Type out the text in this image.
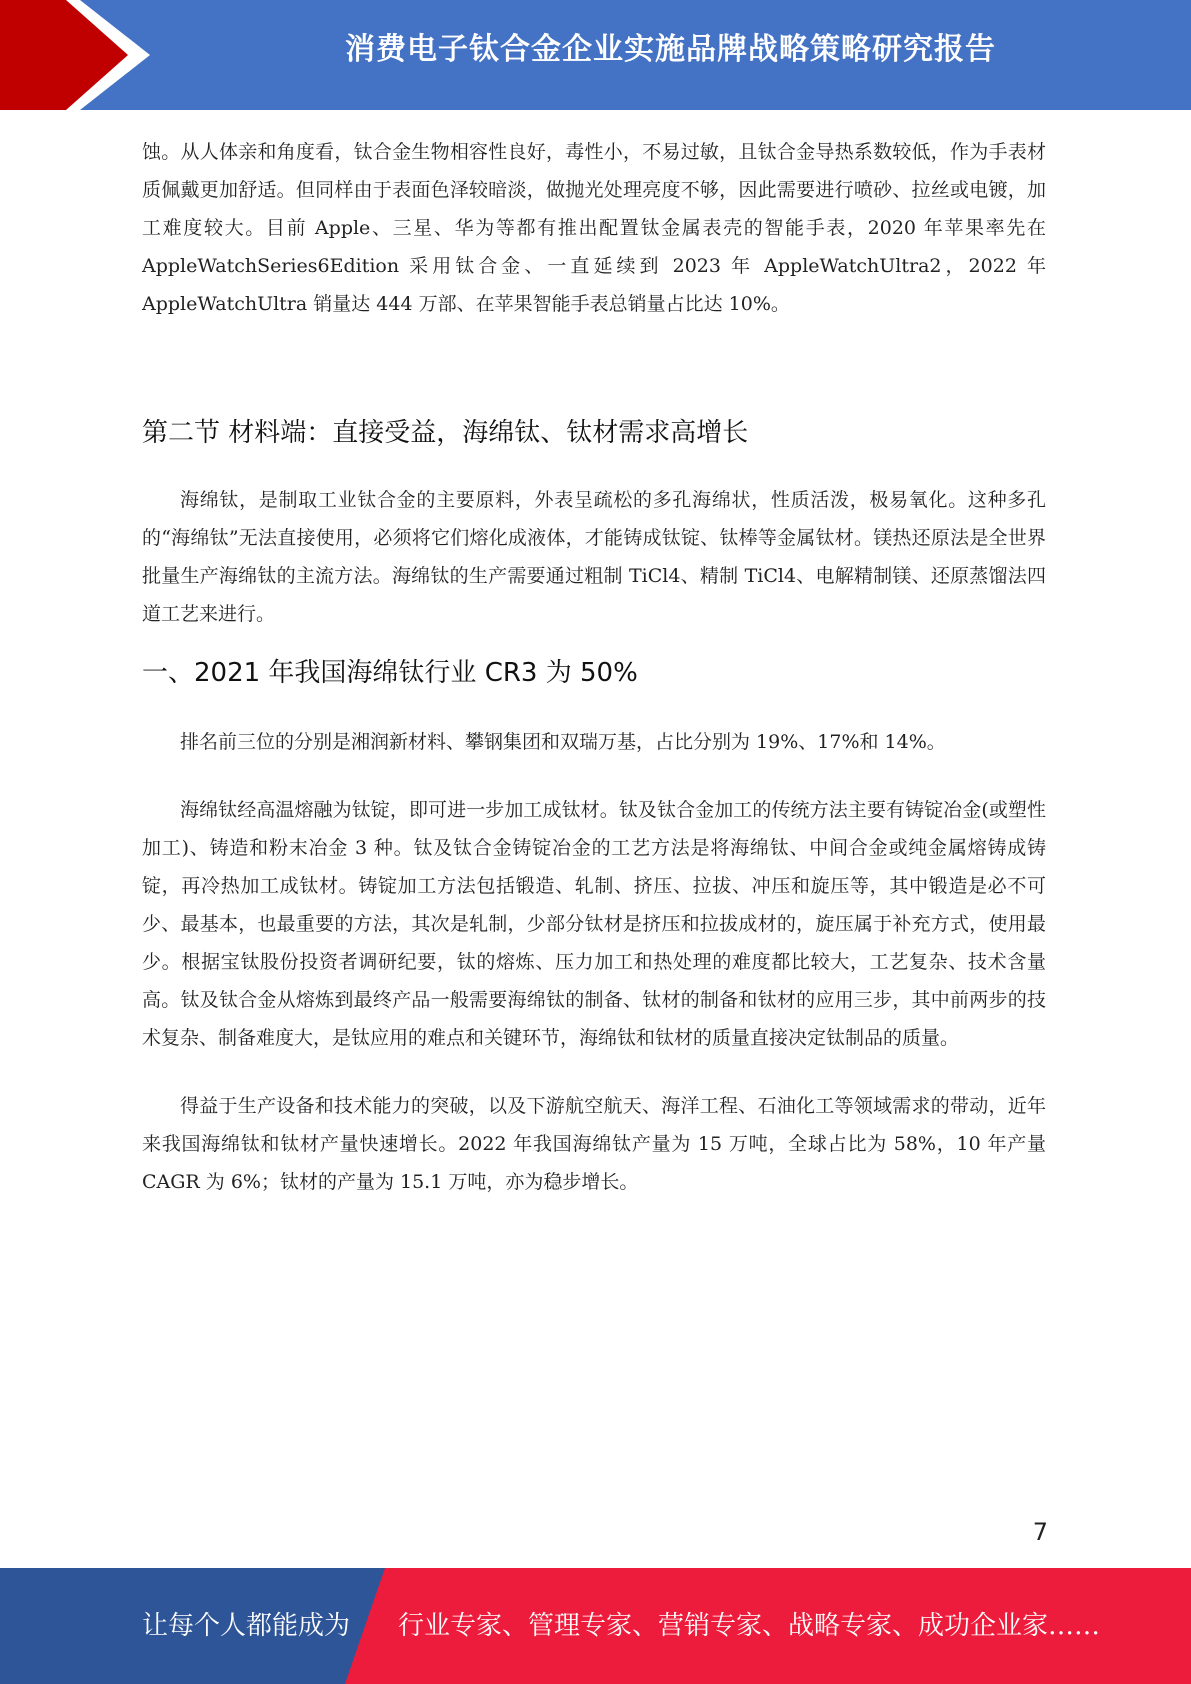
消费电子钛合金企业实施品牌战略策略研究报告

蚀。从人体亲和角度看，钛合金生物相容性良好，毒性小，不易过敏，且钛合金导热系数较低，作为手表材质佩戴更加舒适。但同样由于表面色泽较暗淡，做抛光处理亮度不够，因此需要进行喷砂、拉丝或电镀，加工难度较大。目前 Apple、三星、华为等都有推出配置钛金属表壳的智能手表，2020 年苹果率先在 AppleWatchSeries6Edition 采用钛合金、一直延续到 2023 年 AppleWatchUltra2，2022 年 AppleWatchUltra 销量达 444 万部、在苹果智能手表总销量占比达 10%。

第二节 材料端：直接受益，海绵钛、钛材需求高增长

海绵钛，是制取工业钛合金的主要原料，外表呈疏松的多孔海绵状，性质活泼，极易氧化。这种多孔的“海绵钛”无法直接使用，必须将它们熔化成液体，才能铸成钛锭、钛棒等金属钛材。镁热还原法是全世界批量生产海绵钛的主流方法。海绵钛的生产需要通过粗制 TiCl4、精制 TiCl4、电解精制镁、还原蒸馏法四道工艺来进行。

一、2021 年我国海绵钛行业 CR3 为 50%

排名前三位的分别是湘润新材料、攀钢集团和双瑞万基，占比分别为 19%、17%和 14%。

海绵钛经高温熔融为钛锭，即可进一步加工成钛材。钛及钛合金加工的传统方法主要有铸锭冶金(或塑性加工)、铸造和粉末冶金 3 种。钛及钛合金铸锭冶金的工艺方法是将海绵钛、中间合金或纯金属熔铸成铸锭，再冷热加工成钛材。铸锭加工方法包括锻造、轧制、挤压、拉拔、冲压和旋压等，其中锻造是必不可少、最基本，也最重要的方法，其次是轧制，少部分钛材是挤压和拉拔成材的，旋压属于补充方式，使用最少。根据宝钛股份投资者调研纪要，钛的熔炼、压力加工和热处理的难度都比较大，工艺复杂、技术含量高。钛及钛合金从熔炼到最终产品一般需要海绵钛的制备、钛材的制备和钛材的应用三步，其中前两步的技术复杂、制备难度大，是钛应用的难点和关键环节，海绵钛和钛材的质量直接决定钛制品的质量。

得益于生产设备和技术能力的突破，以及下游航空航天、海洋工程、石油化工等领域需求的带动，近年来我国海绵钛和钛材产量快速增长。2022 年我国海绵钛产量为 15 万吨，全球占比为 58%，10 年产量 CAGR 为 6%；钛材的产量为 15.1 万吨，亦为稳步增长。

7
让每个人都能成为 行业专家、管理专家、营销专家、战略专家、成功企业家……
